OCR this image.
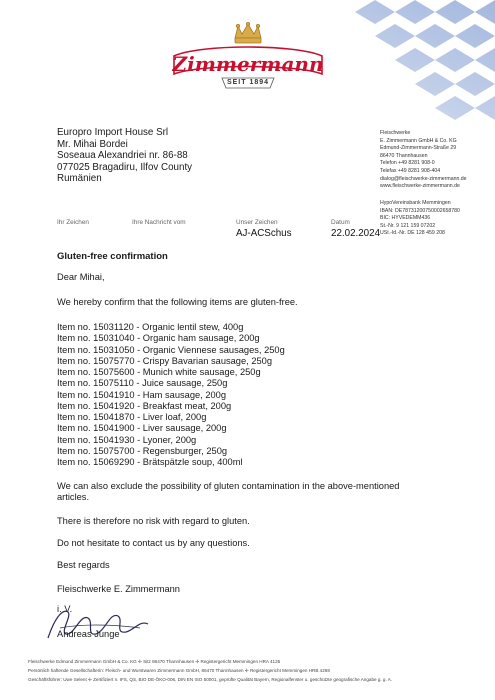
Zimmermann
SEIT 1894
Europro Import House Srl
Mr. Mihai Bordei
Soseaua Alexandriei nr. 86-88
077025 Bragadiru, Ilfov County
Rumänien
Fleischwerke
E. Zimmermann GmbH & Co. KG
Edmund-Zimmermann-Straße 29
86470 Thannhausen
Telefon +49 8281 908-0
Telefax +49 8281 908-404
dialog@fleischwerke-zimmermann.de
www.fleischwerke-zimmermann.de
HypoVereinsbank Memmingen
IBAN: DE78731200750002658780
BIC: HYVEDEMM436
St.-Nr. 9 121 159 07202
USt.-Id.-Nr. DE 128 459 208
Ihr Zeichen	Ihre Nachricht vom	Unser Zeichen
AJ-ACSchus
Datum
22.02.2024
Gluten-free confirmation
Dear Mihai,
We hereby confirm that the following items are gluten-free.
Item no. 15031120 - Organic lentil stew, 400g
Item no. 15031040 - Organic ham sausage, 200g
Item no. 15031050 - Organic Viennese sausages, 250g
Item no. 15075770 - Crispy Bavarian sausage, 250g
Item no. 15075600 - Munich white sausage, 250g
Item no. 15075110 - Juice sausage, 250g
Item no. 15041910 - Ham sausage, 200g
Item no. 15041920 - Breakfast meat, 200g
Item no. 15041870 - Liver loaf, 200g
Item no. 15041900 - Liver sausage, 200g
Item no. 15041930 - Lyoner, 200g
Item no. 15075700 - Regensburger, 250g
Item no. 15069290 - Brätspätzle soup, 400ml
We can also exclude the possibility of gluten contamination in the above-mentioned
articles.
There is therefore no risk with regard to gluten.
Do not hesitate to contact us by any questions.
Best regards
Fleischwerke E. Zimmermann
i. V.
Andreas Junge
Fleischwerke Edmund Zimmermann GmbH & Co. KG ✢ Sitz 86470 Thannhausen ✢ Registergericht Memmingen HRA 4125
Persönlich haftende Gesellschafterin: Fleisch- und Wurstwaren Zimmermann GmbH, 86470 Thannhausen ✢ Registergericht Memmingen HRB 4268
Geschäftsführer: Uwe Selent ✢ Zertifiziert n. IFS, QS, BIO DE-ÖKO-006, DIN EN ISO 50001, geprüfte Qualität Bayern, Regionalfenster u. geschützte geografische Angabe g. g. A.
